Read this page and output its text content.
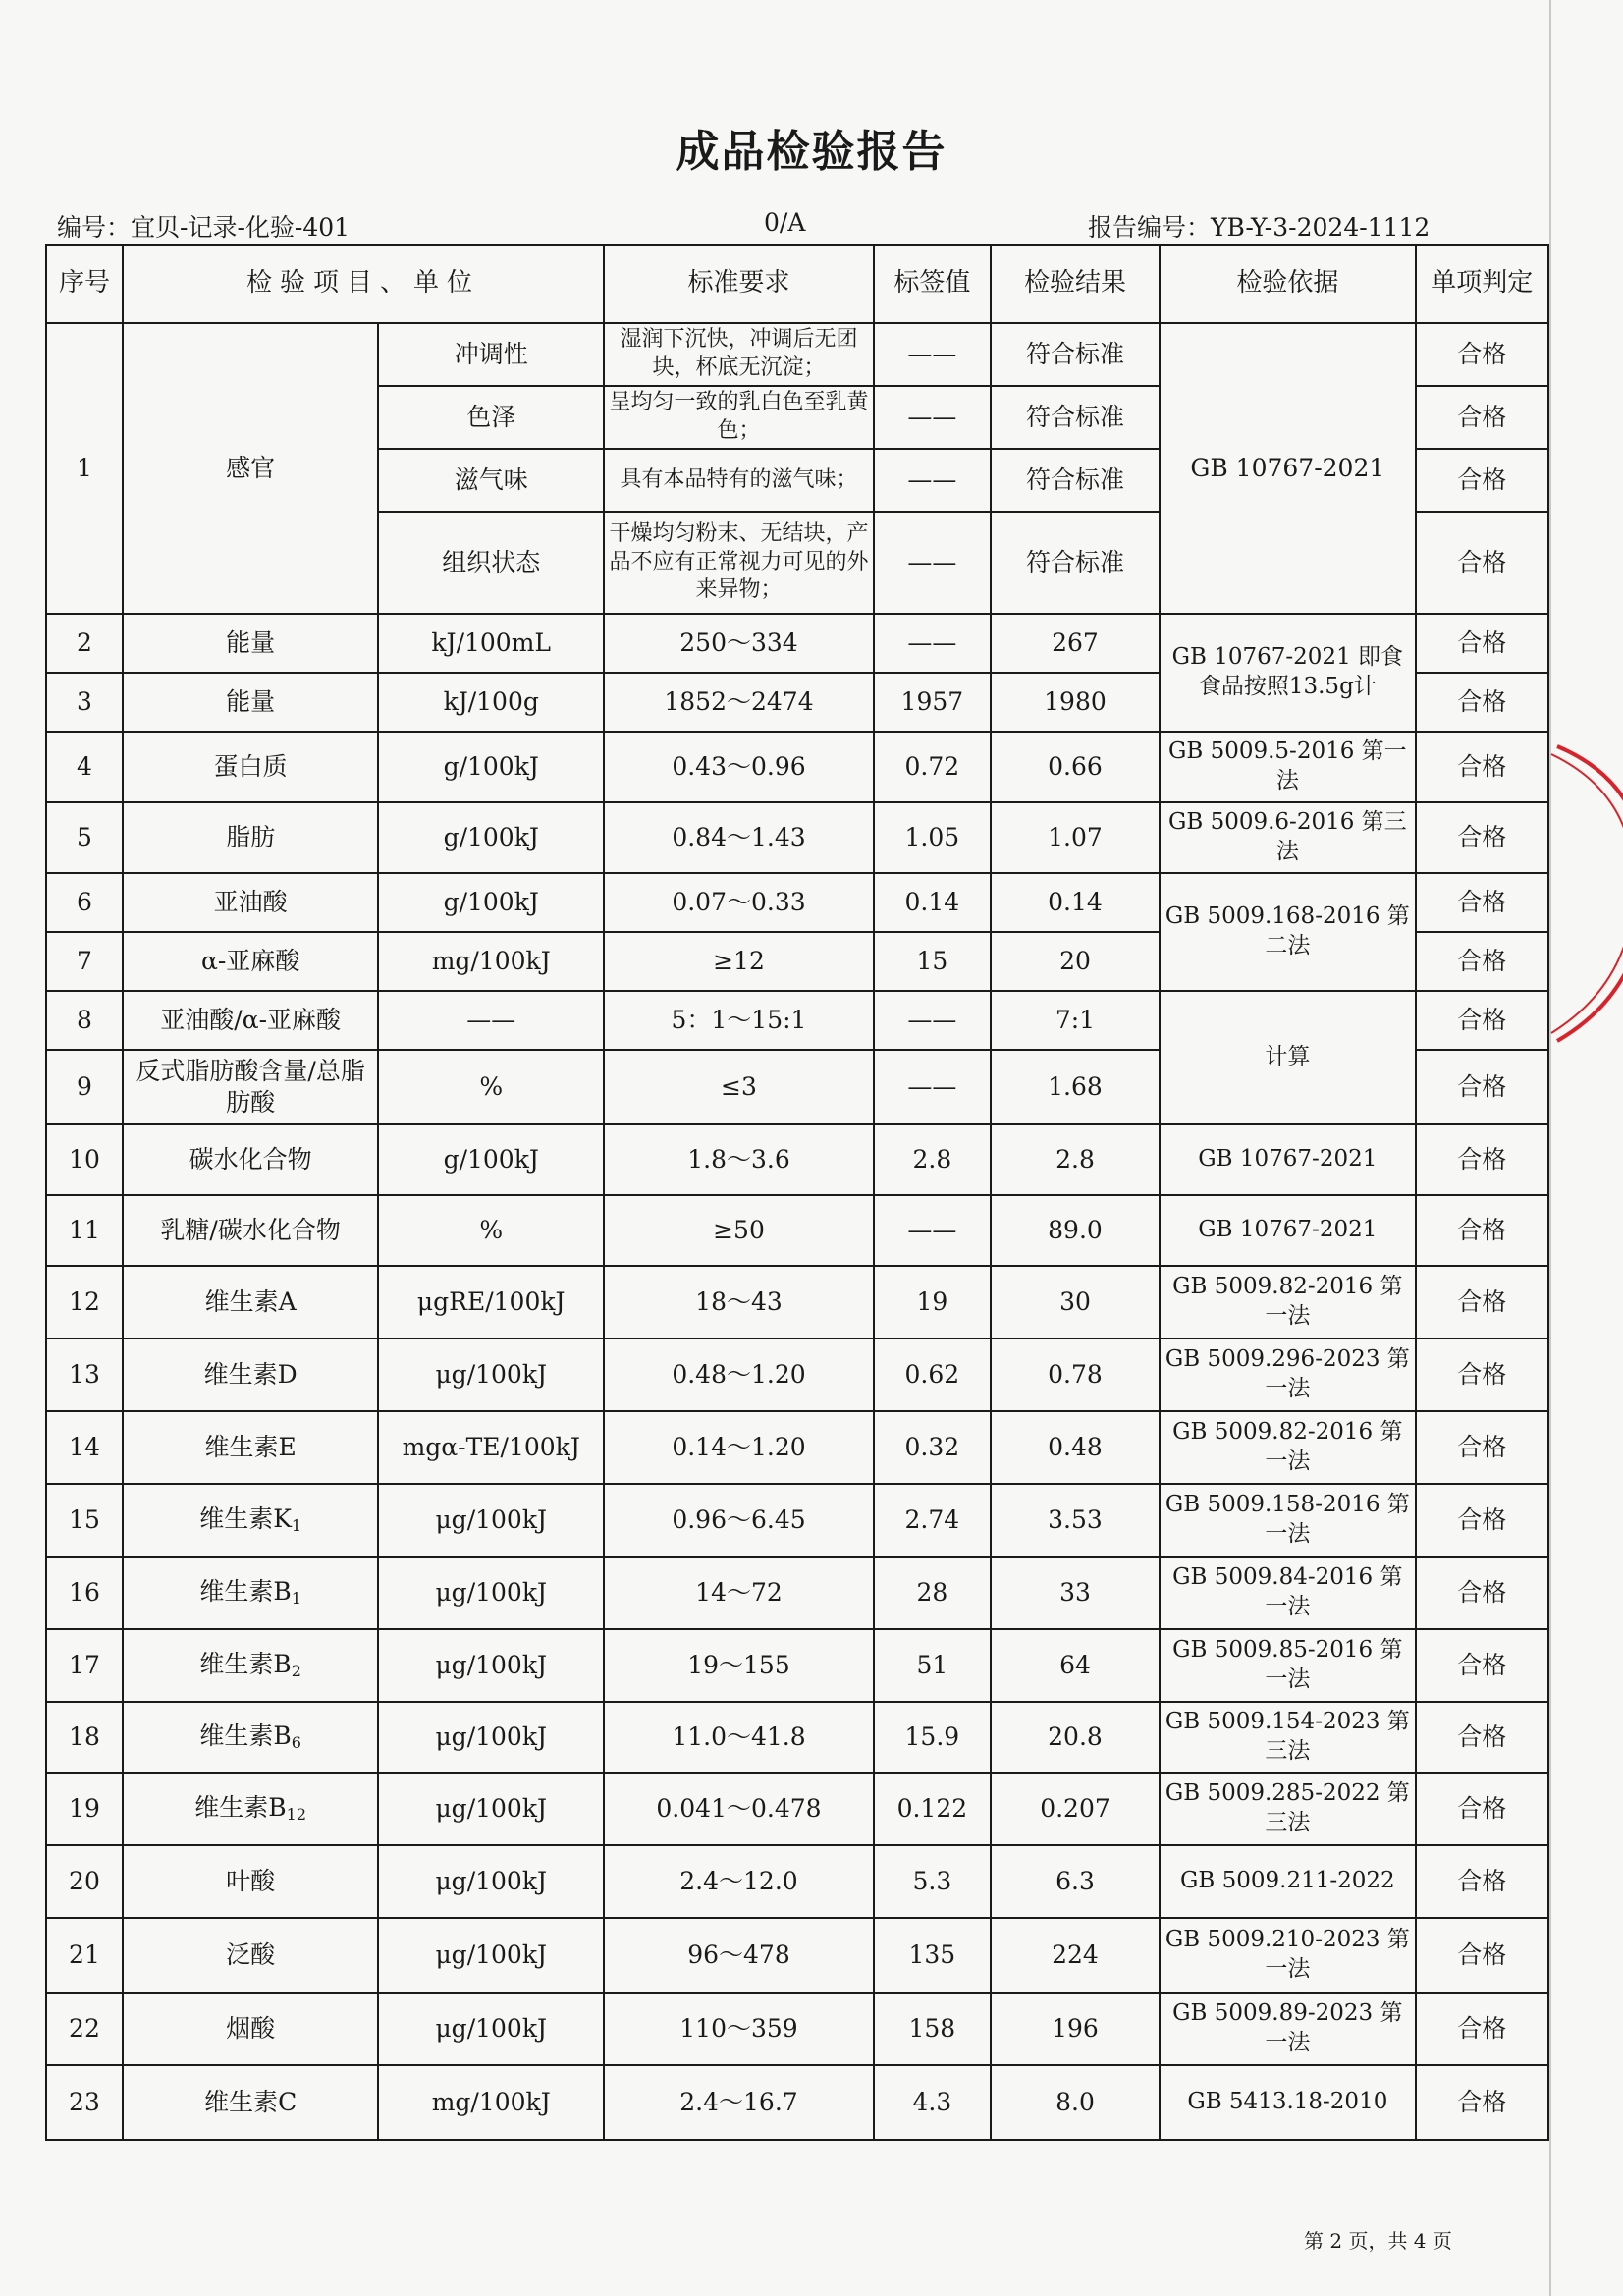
成品检验报告
编号：宜贝-记录-化验-401	0/A	报告编号：YB-Y-3-2024-1112
序号	检验项目、单位		标准要求	标签值	检验结果	检验依据	单项判定
1	感官	冲调性	湿润下沉快，冲调后无团块，杯底无沉淀；	——	符合标准	GB 10767-2021	合格
		色泽	呈均匀一致的乳白色至乳黄色；	——	符合标准		合格
		滋气味	具有本品特有的滋气味；	——	符合标准		合格
		组织状态	干燥均匀粉末、无结块，产品不应有正常视力可见的外来异物；	——	符合标准		合格
2	能量	kJ/100mL	250～334	——	267	GB 10767-2021 即食食品按照13.5g计	合格
3	能量	kJ/100g	1852～2474	1957	1980		合格
4	蛋白质	g/100kJ	0.43～0.96	0.72	0.66	GB 5009.5-2016 第一法	合格
5	脂肪	g/100kJ	0.84～1.43	1.05	1.07	GB 5009.6-2016 第三法	合格
6	亚油酸	g/100kJ	0.07～0.33	0.14	0.14	GB 5009.168-2016 第二法	合格
7	α-亚麻酸	mg/100kJ	≥12	15	20		合格
8	亚油酸/α-亚麻酸	——	5：1～15:1	——	7:1	计算	合格
9	反式脂肪酸含量/总脂肪酸	%	≤3	——	1.68		合格
10	碳水化合物	g/100kJ	1.8～3.6	2.8	2.8	GB 10767-2021	合格
11	乳糖/碳水化合物	%	≥50	——	89.0	GB 10767-2021	合格
12	维生素A	μgRE/100kJ	18～43	19	30	GB 5009.82-2016 第一法	合格
13	维生素D	μg/100kJ	0.48～1.20	0.62	0.78	GB 5009.296-2023 第一法	合格
14	维生素E	mgα-TE/100kJ	0.14～1.20	0.32	0.48	GB 5009.82-2016 第一法	合格
15	维生素$K_1$	μg/100kJ	0.96～6.45	2.74	3.53	GB 5009.158-2016 第一法	合格
16	维生素$B_1$	μg/100kJ	14～72	28	33	GB 5009.84-2016 第一法	合格
17	维生素$B_2$	μg/100kJ	19～155	51	64	GB 5009.85-2016 第一法	合格
18	维生素$B_6$	μg/100kJ	11.0～41.8	15.9	20.8	GB 5009.154-2023 第三法	合格
19	维生素$B_{12}$	μg/100kJ	0.041～0.478	0.122	0.207	GB 5009.285-2022 第三法	合格
20	叶酸	μg/100kJ	2.4～12.0	5.3	6.3	GB 5009.211-2022	合格
21	泛酸	μg/100kJ	96～478	135	224	GB 5009.210-2023 第一法	合格
22	烟酸	μg/100kJ	110～359	158	196	GB 5009.89-2023 第一法	合格
23	维生素C	mg/100kJ	2.4～16.7	4.3	8.0	GB 5413.18-2010	合格
第 2 页，共 4 页
